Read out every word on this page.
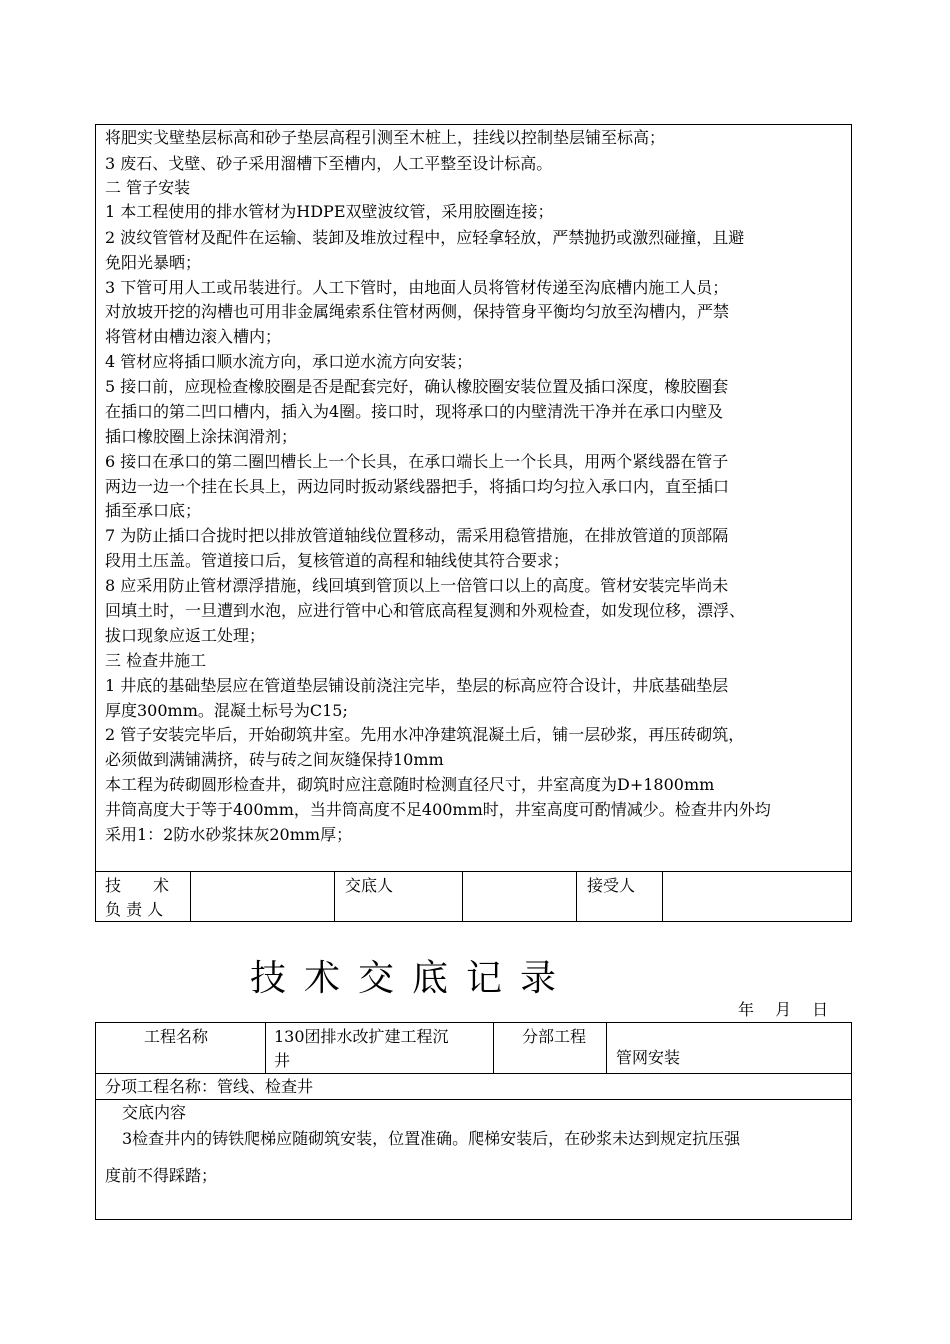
将肥实戈壁垫层标高和砂子垫层高程引测至木桩上，挂线以控制垫层铺至标高；
3 废石、戈壁、砂子采用溜槽下至槽内，人工平整至设计标高。
二 管子安装
1 本工程使用的排水管材为HDPE双壁波纹管，采用胶圈连接；
2 波纹管管材及配件在运输、装卸及堆放过程中，应轻拿轻放，严禁抛扔或激烈碰撞，且避
免阳光暴晒；
3 下管可用人工或吊装进行。人工下管时，由地面人员将管材传递至沟底槽内施工人员；
对放坡开挖的沟槽也可用非金属绳索系住管材两侧，保持管身平衡均匀放至沟槽内，严禁
将管材由槽边滚入槽内；
4 管材应将插口顺水流方向，承口逆水流方向安装；
5 接口前，应现检查橡胶圈是否是配套完好，确认橡胶圈安装位置及插口深度，橡胶圈套
在插口的第二凹口槽内，插入为4圈。接口时，现将承口的内壁清洗干净并在承口内壁及
插口橡胶圈上涂抹润滑剂；
6 接口在承口的第二圈凹槽长上一个长具，在承口端长上一个长具，用两个紧线器在管子
两边一边一个挂在长具上，两边同时扳动紧线器把手，将插口均匀拉入承口内，直至插口
插至承口底；
7 为防止插口合拢时把以排放管道轴线位置移动，需采用稳管措施，在排放管道的顶部隔
段用土压盖。管道接口后，复核管道的高程和轴线使其符合要求；
8 应采用防止管材漂浮措施，线回填到管顶以上一倍管口以上的高度。管材安装完毕尚未
回填土时，一旦遭到水泡，应进行管中心和管底高程复测和外观检查，如发现位移，漂浮、
拔口现象应返工处理；
三 检查井施工
1 井底的基础垫层应在管道垫层铺设前浇注完毕，垫层的标高应符合设计，井底基础垫层
厚度300mm。混凝土标号为C15;
2 管子安装完毕后，开始砌筑井室。先用水冲净建筑混凝土后，铺一层砂浆，再压砖砌筑，
必须做到满铺满挤，砖与砖之间灰缝保持10mm
本工程为砖砌圆形检查井，砌筑时应注意随时检测直径尺寸，井室高度为D+1800mm
井筒高度大于等于400mm，当井筒高度不足400mm时，井室高度可酌情减少。检查井内外均
采用1：2防水砂浆抹灰20mm厚；
技　　术
负 责 人
交底人	接受人
技术交底记录
年　 月　 日
工程名称	130团排水改扩建工程沉
井
分部工程
管网安装
分项工程名称：管线、检查井
交底内容
3检查井内的铸铁爬梯应随砌筑安装，位置准确。爬梯安装后，在砂浆未达到规定抗压强
度前不得踩踏；
